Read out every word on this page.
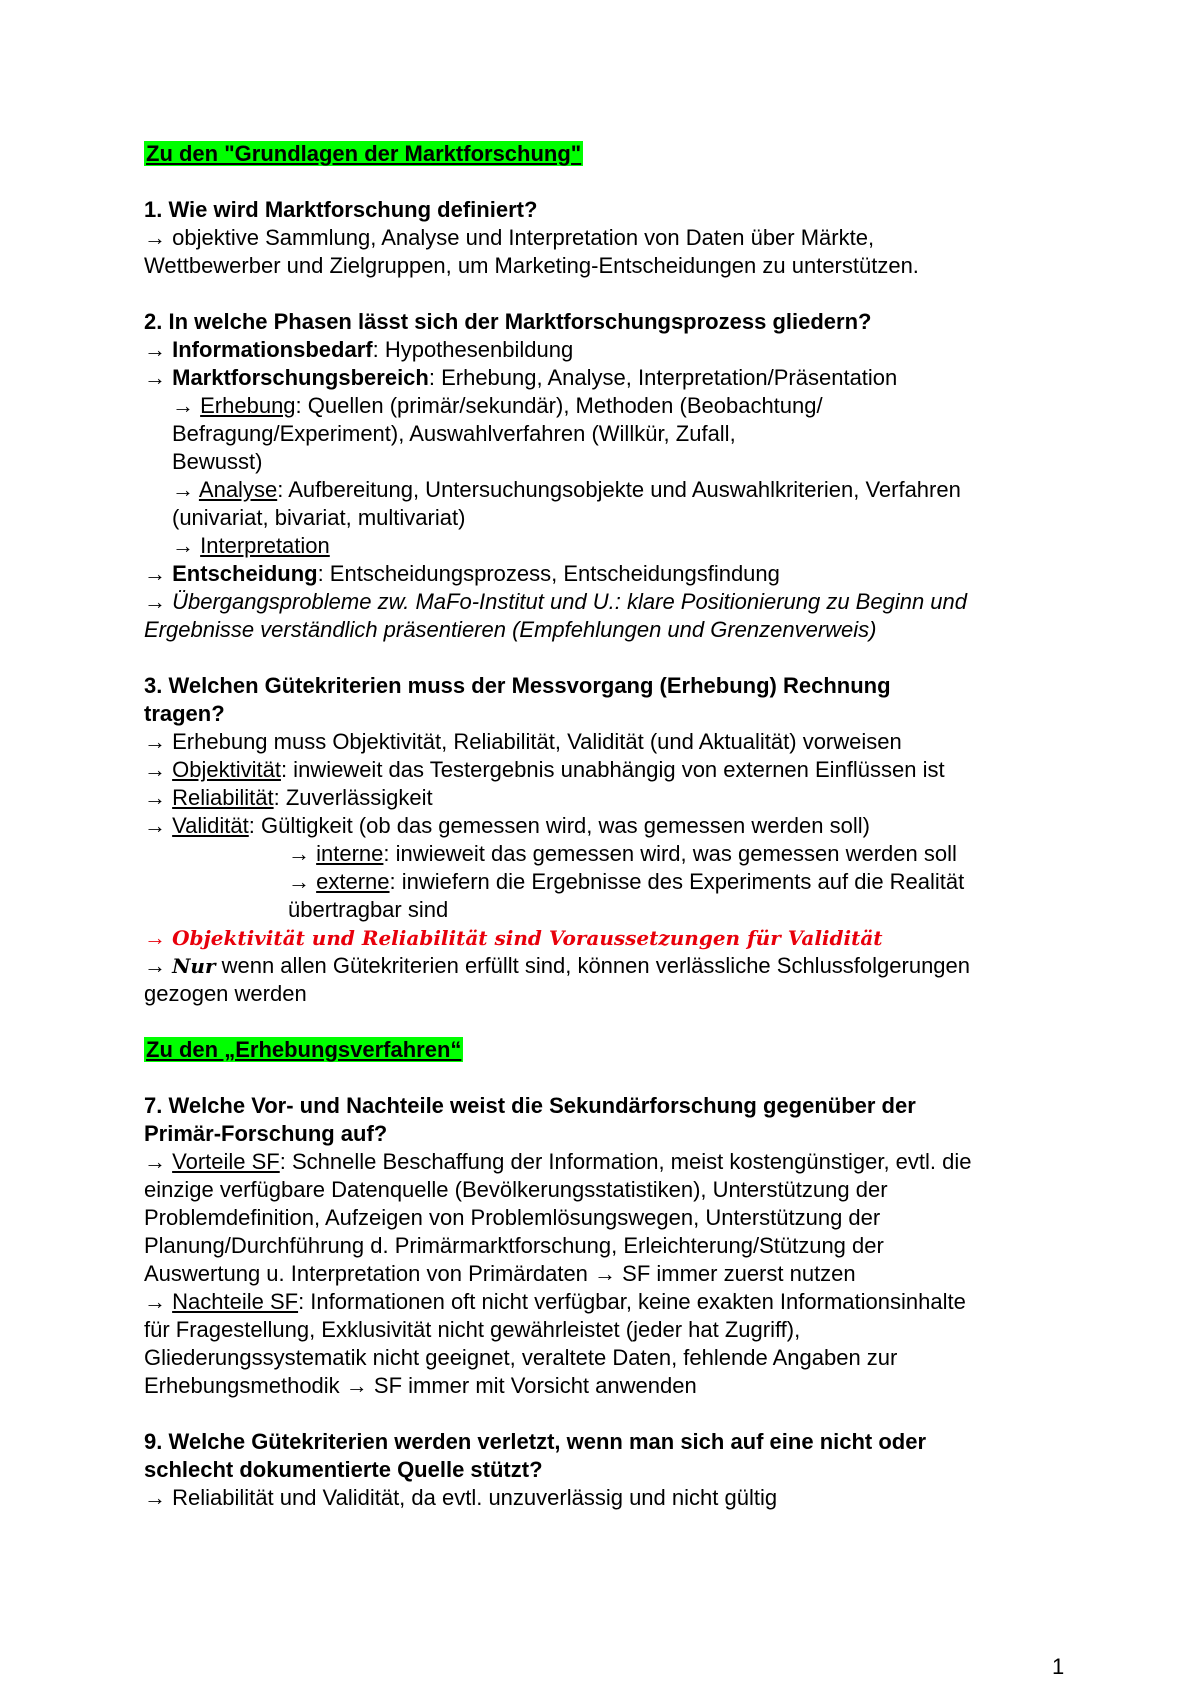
Zu den "Grundlagen der Marktforschung"
1. Wie wird Marktforschung definiert?
→ objektive Sammlung, Analyse und Interpretation von Daten über Märkte,
Wettbewerber und Zielgruppen, um Marketing-Entscheidungen zu unterstützen.
2. In welche Phasen lässt sich der Marktforschungsprozess gliedern?
→ Informationsbedarf: Hypothesenbildung
→ Marktforschungsbereich: Erhebung, Analyse, Interpretation/Präsentation
→ Erhebung: Quellen (primär/sekundär), Methoden (Beobachtung/
Befragung/Experiment), Auswahlverfahren (Willkür, Zufall,
Bewusst)
→ Analyse: Aufbereitung, Untersuchungsobjekte und Auswahlkriterien, Verfahren
(univariat, bivariat, multivariat)
→ Interpretation
→ Entscheidung: Entscheidungsprozess, Entscheidungsfindung
→ Übergangsprobleme zw. MaFo-Institut und U.: klare Positionierung zu Beginn und
Ergebnisse verständlich präsentieren (Empfehlungen und Grenzenverweis)
3. Welchen Gütekriterien muss der Messvorgang (Erhebung) Rechnung
tragen?
→ Erhebung muss Objektivität, Reliabilität, Validität (und Aktualität) vorweisen
→ Objektivität: inwieweit das Testergebnis unabhängig von externen Einflüssen ist
→ Reliabilität: Zuverlässigkeit
→ Validität: Gültigkeit (ob das gemessen wird, was gemessen werden soll)
→ interne: inwieweit das gemessen wird, was gemessen werden soll
→ externe: inwiefern die Ergebnisse des Experiments auf die Realität
übertragbar sind
→ Objektivität und Reliabilität sind Voraussetzungen für Validität
→ Nur wenn allen Gütekriterien erfüllt sind, können verlässliche Schlussfolgerungen
gezogen werden
Zu den „Erhebungsverfahren“
7. Welche Vor- und Nachteile weist die Sekundärforschung gegenüber der
Primär-Forschung auf?
→ Vorteile SF: Schnelle Beschaffung der Information, meist kostengünstiger, evtl. die
einzige verfügbare Datenquelle (Bevölkerungsstatistiken), Unterstützung der
Problemdefinition, Aufzeigen von Problemlösungswegen, Unterstützung der
Planung/Durchführung d. Primärmarktforschung, Erleichterung/Stützung der
Auswertung u. Interpretation von Primärdaten → SF immer zuerst nutzen
→ Nachteile SF: Informationen oft nicht verfügbar, keine exakten Informationsinhalte
für Fragestellung, Exklusivität nicht gewährleistet (jeder hat Zugriff),
Gliederungssystematik nicht geeignet, veraltete Daten, fehlende Angaben zur
Erhebungsmethodik → SF immer mit Vorsicht anwenden
9. Welche Gütekriterien werden verletzt, wenn man sich auf eine nicht oder
schlecht dokumentierte Quelle stützt?
→ Reliabilität und Validität, da evtl. unzuverlässig und nicht gültig
1
